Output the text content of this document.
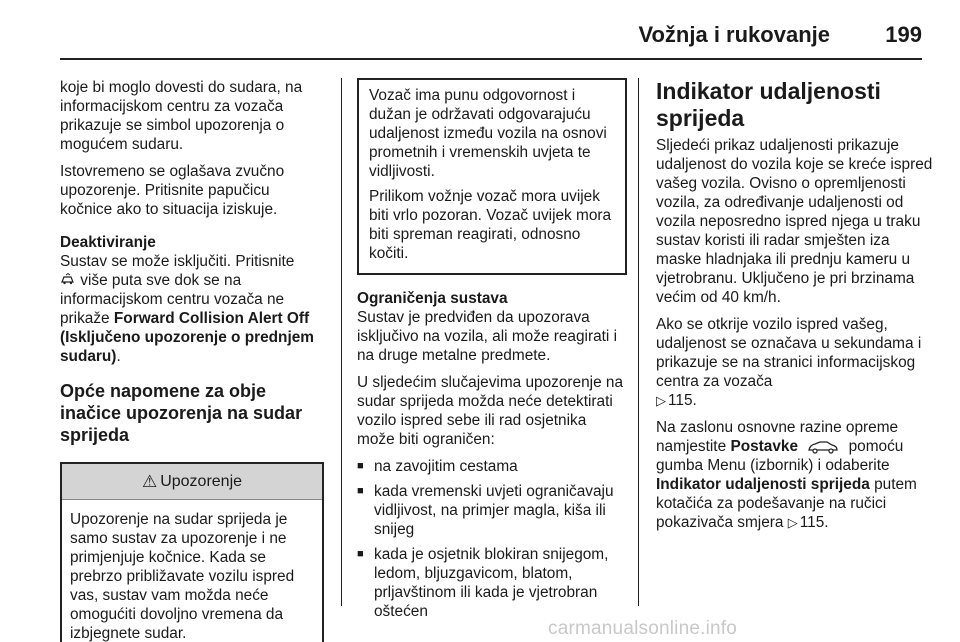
Vožnja i rukovanje	199

koje bi moglo dovesti do sudara, na informacijskom centru za vozača prikazuje se simbol upozorenja o mogućem sudaru.

Istovremeno se oglašava zvučno upozorenje. Pritisnite papučicu kočnice ako to situacija iziskuje.

Deaktiviranje
Sustav se može isključiti. Pritisnite
više puta sve dok se na informacijskom centru vozača ne prikaže Forward Collision Alert Off (Isključeno upozorenje o prednjem sudaru).

Opće napomene za obje inačice upozorenja na sudar sprijeda
⚠ Upozorenje
Upozorenje na sudar sprijeda je samo sustav za upozorenje i ne primjenjuje kočnice. Kada se prebrzo približavate vozilu ispred vas, sustav vam možda neće omogućiti dovoljno vremena da izbjegnete sudar.

Vozač ima punu odgovornost i dužan je održavati odgovarajuću udaljenost između vozila na osnovi prometnih i vremenskih uvjeta te vidljivosti.

Prilikom vožnje vozač mora uvijek biti vrlo pozoran. Vozač uvijek mora biti spreman reagirati, odnosno kočiti.

Ograničenja sustava
Sustav je predviđen da upozorava isključivo na vozila, ali može reagirati i na druge metalne predmete.

U sljedećim slučajevima upozorenje na sudar sprijeda možda neće detektirati vozilo ispred sebe ili rad osjetnika može biti ograničen:

■ na zavojitim cestama
■ kada vremenski uvjeti ograničavaju vidljivost, na primjer magla, kiša ili snijeg
■ kada je osjetnik blokiran snijegom, ledom, bljuzgavicom, blatom, prljavštinom ili kada je vjetrobran oštećen
Indikator udaljenosti sprijeda

Sljedeći prikaz udaljenosti prikazuje udaljenost do vozila koje se kreće ispred vašeg vozila. Ovisno o opremljenosti vozila, za određivanje udaljenosti od vozila neposredno ispred njega u traku sustav koristi ili radar smješten iza maske hladnjaka ili prednju kameru u vjetrobranu. Uključeno je pri brzinama većim od 40 km/h.

Ako se otkrije vozilo ispred vašeg, udaljenost se označava u sekundama i prikazuje se na stranici informacijskog centra za vozača
▷ 115.

Na zaslonu osnovne razine opreme namjestite Postavke	pomoću gumba Menu (izbornik) i odaberite Indikator udaljenosti sprijeda putem kotačića za podešavanje na ručici pokazivača smjera ▷ 115.

carmanualsonline.info
